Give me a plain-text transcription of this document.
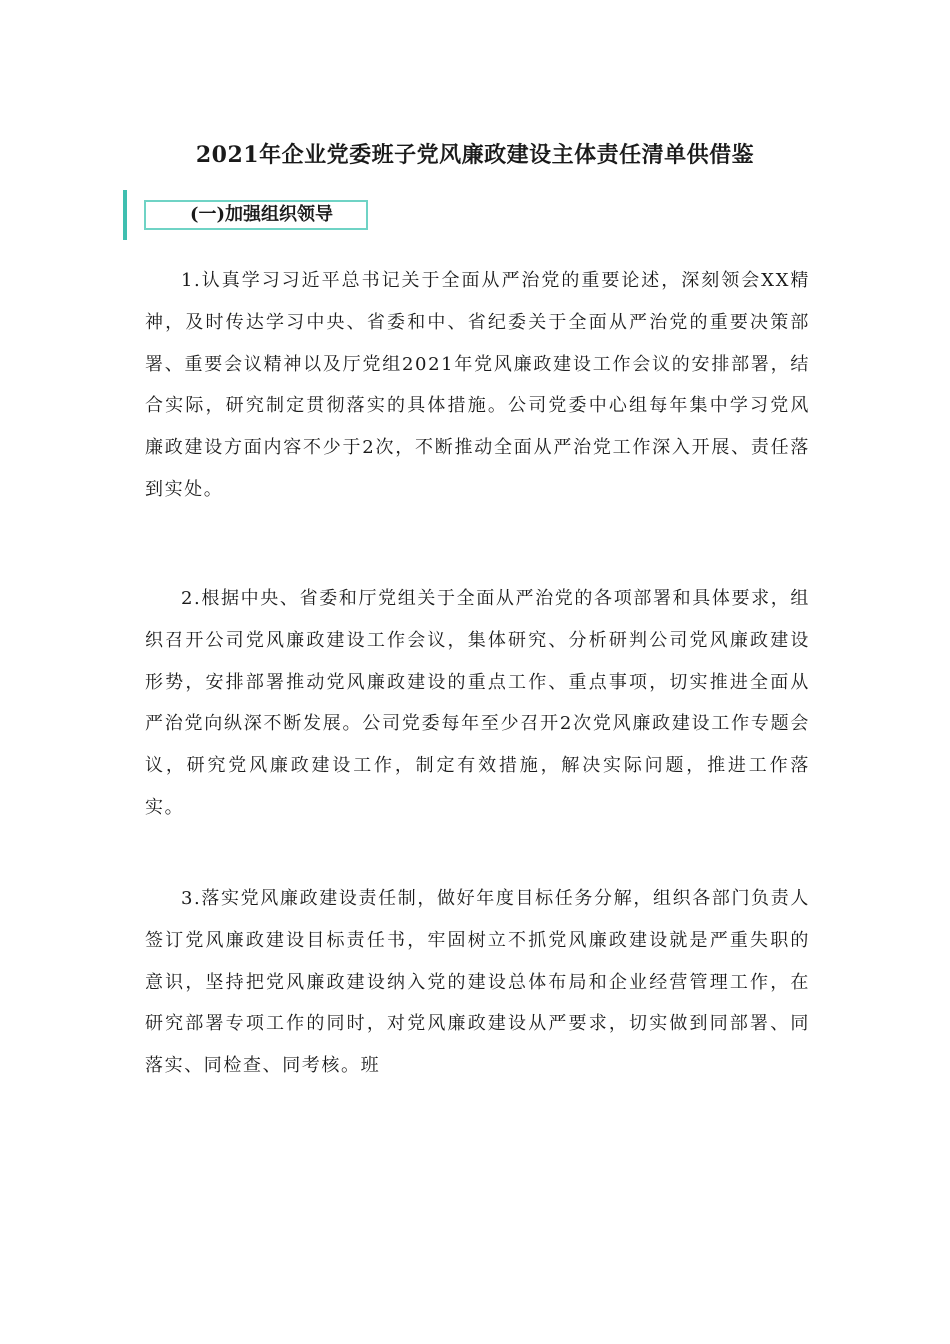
2021年企业党委班子党风廉政建设主体责任清单供借鉴
(一)加强组织领导

1.认真学习习近平总书记关于全面从严治党的重要论述，深刻领会XX精神，及时传达学习中央、省委和中、省纪委关于全面从严治党的重要决策部署、重要会议精神以及厅党组2021年党风廉政建设工作会议的安排部署，结合实际，研究制定贯彻落实的具体措施。公司党委中心组每年集中学习党风廉政建设方面内容不少于2次，不断推动全面从严治党工作深入开展、责任落到实处。

2.根据中央、省委和厅党组关于全面从严治党的各项部署和具体要求，组织召开公司党风廉政建设工作会议，集体研究、分析研判公司党风廉政建设形势，安排部署推动党风廉政建设的重点工作、重点事项，切实推进全面从严治党向纵深不断发展。公司党委每年至少召开2次党风廉政建设工作专题会议，研究党风廉政建设工作，制定有效措施，解决实际问题，推进工作落实。

3.落实党风廉政建设责任制，做好年度目标任务分解，组织各部门负责人签订党风廉政建设目标责任书，牢固树立不抓党风廉政建设就是严重失职的意识，坚持把党风廉政建设纳入党的建设总体布局和企业经营管理工作，在研究部署专项工作的同时，对党风廉政建设从严要求，切实做到同部署、同落实、同检查、同考核。班
